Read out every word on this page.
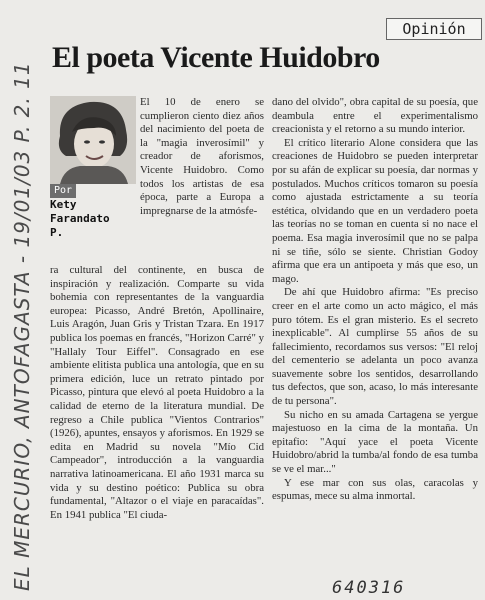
EL MERCURIO, ANTOFAGASTA - 19/01/03 P. 2. 11
Opinión
El poeta Vicente Huidobro
Por
Kety
Farandato
P.

El 10 de enero se cumplieron ciento diez años del nacimiento del poeta de la "magia inverosímil" y creador de aforismos, Vicente Huidobro. Como todos los artistas de esa época, parte a Europa a impregnarse de la atmósfe-

ra cultural del continente, en busca de inspiración y realización. Comparte su vida bohemia con representantes de la vanguardia europea: Picasso, André Bretón, Apollinaire, Luis Aragón, Juan Gris y Tristan Tzara. En 1917 publica los poemas en francés, "Horizon Carré" y "Hallaly Tour Eiffel". Consagrado en ese ambiente elitista publica una antología, que en su primera edición, luce un retrato pintado por Picasso, pintura que elevó al poeta Huidobro a la calidad de eterno de la literatura mundial. De regreso a Chile publica "Vientos Contrarios" (1926), apuntes, ensayos y aforismos. En 1929 se edita en Madrid su novela "Mío Cid Campeador", introducción a la vanguardia narrativa latinoamericana. El año 1931 marca su vida y su destino poético: Publica su obra fundamental, "Altazor o el viaje en paracaídas". En 1941 publica "El ciuda-

dano del olvido", obra capital de su poesía, que deambula entre el experimentalismo creacionista y el retorno a su mundo interior.

El crítico literario Alone considera que las creaciones de Huidobro se pueden interpretar por su afán de explicar su poesía, dar normas y postulados. Muchos críticos tomaron su poesía como ajustada estrictamente a su teoría estética, olvidando que en un verdadero poeta las teorías no se toman en cuenta si no nace el poema. Esa magia inverosímil que no se palpa ni se tiñe, sólo se siente. Christian Godoy afirma que era un antipoeta y más que eso, un mago.

De ahí que Huidobro afirma: "Es preciso creer en el arte como un acto mágico, el más puro tótem. Es el gran misterio. Es el secreto inexplicable". Al cumplirse 55 años de su fallecimiento, recordamos sus versos: "El reloj del cementerio se adelanta un poco avanza suavemente sobre los sentidos, desarrollando tus defectos, que son, acaso, lo más interesante de tu persona".

Su nicho en su amada Cartagena se yergue majestuoso en la cima de la montaña. Un epitafio: "Aquí yace el poeta Vicente Huidobro/abrid la tumba/al fondo de esa tumba se ve el mar..."

Y ese mar con sus olas, caracolas y espumas, mece su alma inmortal.

640316
